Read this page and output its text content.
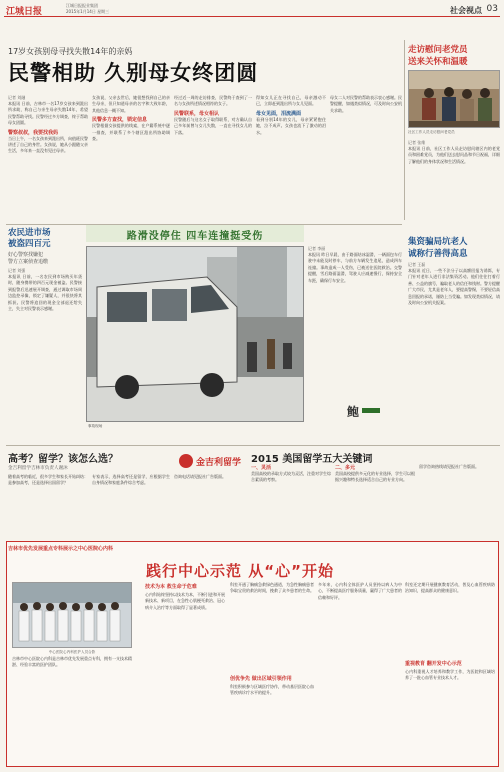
江城日报
江城日报报业集团
2015年1月14日 星期三	社会视点 03
17岁女孩别母寻找失散14年的亲妈
民警相助 久别母女终团圆
记者 刘融
本报讯 日前，吉林市一名17岁女孩来到派出所求助，称自己与亲生母亲失散14年，希望民警帮助寻找。民警经过多方调查，终于帮助母女团圆。
警察叔叔，我要找我妈
当日上午，一名女孩来到派出所，向值班民警讲述了自己的身世。女孩说，她从小跟随父亲生活，多年来一直没有见过母亲。
女孩说，父亲去世后，她很想找到自己的亲生母亲，但只知道母亲的名字和大致年龄，其他信息一概不知。
民警多方查找，锁定信息
民警根据女孩提供的线索，在户籍系统中逐一排查，并联系了多个辖区派出所协助调查。
经过近一周的走访排查，民警终于查到了一名与女孩所述情况相符的女子。
民警联系，母女相认
民警随后与这名女子取得联系，对方确认自己多年前曾与女儿失散，一直在寻找女儿的下落。
得知女儿正在寻找自己，母亲激动不已，立即赶到派出所与女儿见面。
母女见面，泪流满面
看到分别14年的女儿，母亲紧紧抱住她，泣不成声。女孩也流下了激动的泪水。
母女二人对民警的帮助表示衷心感谢。民警提醒，如遇类似情况，可及时向公安机关求助。
走访慰问老党员
送来关怀和温暖
社区工作人员走访慰问老党员
记者 张维
本报讯 日前，社区工作人员走访慰问辖区内的老党员和困难党员，为他们送去慰问品和节日祝福，详细了解他们的身体状况和生活情况。
集资骗局坑老人
诚称行善得高息
记者 王磊
本报讯 近日，一些不法分子以高额回报为诱饵，专门针对老年人进行非法集资活动。他们往往打着行善、公益的旗号，骗取老人的信任和钱财。警方提醒广大市民，尤其是老年人，要提高警惕，不要轻信高息回报的承诺，谨防上当受骗。如发现类似情况，请及时向公安机关报案。
农民进市场
被盗四百元
好心警察找嫌犯
警方立案侦查追缴
记者 刘强
本报讯 日前，一名农民到市场购买年货时，随身携带的四百元现金被盗。民警接到报警后迅速展开调查，通过调取市场周边监控录像，锁定了嫌疑人，并很快将其抓获。民警将追回的现金全部退还给失主，失主对民警表示感谢。
路滑没停住 四车连撞挺受伤
事故现场
记者 李丽
本报讯 昨日早晨，由于路面结冰湿滑，一辆面包车行驶中未能及时停车，与前方车辆发生追尾，造成四车连撞。事故造成一人受伤，已被送往医院救治。交警提醒，雪后路面湿滑，驾驶人应减速慢行，保持安全车距，确保行车安全。
鲍
高考？留学？该怎么选？
金吉利留学吉林市负责人谢沐
金吉利留学 2015 美国留学五大关键词
随着高考的临近，很多学生和家长开始纠结：是参加高考，还是选择出国留学？
专家表示，选择高考还是留学，应根据学生自身情况和家庭条件综合考虑。
咨询电话请见报社广告版面。
一、灵活
美国高校的录取方式较为灵活，注重对学生综合素质的考察。
二、多元
美国高校提供多元化的专业选择，学生可以根据兴趣和特长选择适合自己的专业方向。
留学咨询热线请见报社广告版面。
吉林市优先发展重点专科展示之中心医院心内科
践行中心示范 从“心”开始
中心医院心内科医护人员合影
吉林市中心医院心内科是吉林市优先发展重点专科，拥有一支技术精湛、经验丰富的医护团队。
技术为本 救生命于危难
心内科始终坚持以技术为本，不断引进和开展新技术、新项目，在急性心肌梗死救治、冠心病介入治疗等方面取得了显著成绩。
科室开通了胸痛急救绿色通道，为急性胸痛患者争取宝贵的救治时间，挽救了众多患者的生命。
创优争先 做出区域引领作用
科室积极参与区域医疗协作，带动基层医院心血管疾病诊疗水平的提升。
多年来，心内科全体医护人员坚持以病人为中心，不断提高医疗服务质量，赢得了广大患者的信赖和好评。
科室还定期开展健康教育活动，普及心血管疾病防治知识，提高群众的健康意识。
重视教育 翻开发中心示范
心内科重视人才培养和教学工作，为医院和区域培养了一批心血管专业技术人才。
